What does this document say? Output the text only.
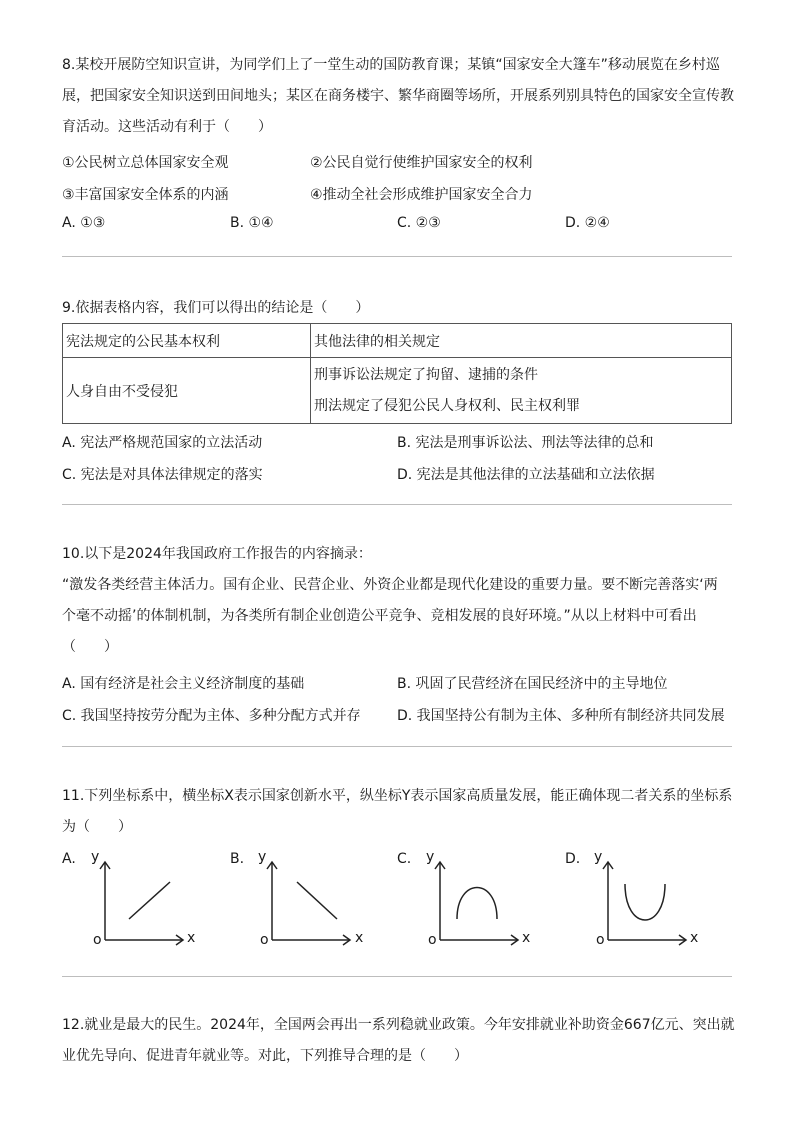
8.某校开展防空知识宣讲，为同学们上了一堂生动的国防教育课；某镇“国家安全大篷车”移动展览在乡村巡
展，把国家安全知识送到田间地头；某区在商务楼宇、繁华商圈等场所，开展系列别具特色的国家安全宣传教
育活动。这些活动有利于（　　）
①公民树立总体国家安全观	②公民自觉行使维护国家安全的权利
③丰富国家安全体系的内涵	④推动全社会形成维护国家安全合力
A. ①③	B. ①④	C. ②③	D. ②④
9.依据表格内容，我们可以得出的结论是（　　）
宪法规定的公民基本权利	其他法律的相关规定
人身自由不受侵犯	刑事诉讼法规定了拘留、逮捕的条件
刑法规定了侵犯公民人身权利、民主权利罪
A. 宪法严格规范国家的立法活动	B. 宪法是刑事诉讼法、刑法等法律的总和
C. 宪法是对具体法律规定的落实	D. 宪法是其他法律的立法基础和立法依据
10.以下是2024年我国政府工作报告的内容摘录：
“激发各类经营主体活力。国有企业、民营企业、外资企业都是现代化建设的重要力量。要不断完善落实‘两
个毫不动摇’的体制机制，为各类所有制企业创造公平竞争、竞相发展的良好环境。”从以上材料中可看出
（　　）
A. 国有经济是社会主义经济制度的基础	B. 巩固了民营经济在国民经济中的主导地位
C. 我国坚持按劳分配为主体、多种分配方式并存	D. 我国坚持公有制为主体、多种所有制经济共同发展
11.下列坐标系中，横坐标X表示国家创新水平，纵坐标Y表示国家高质量发展，能正确体现二者关系的坐标系
为（　　）
A. y
o	x
B. y
o	x
C. y
o	x
D. y
o	x
12.就业是最大的民生。2024年，全国两会再出一系列稳就业政策。今年安排就业补助资金667亿元、突出就
业优先导向、促进青年就业等。对此，下列推导合理的是（　　）
